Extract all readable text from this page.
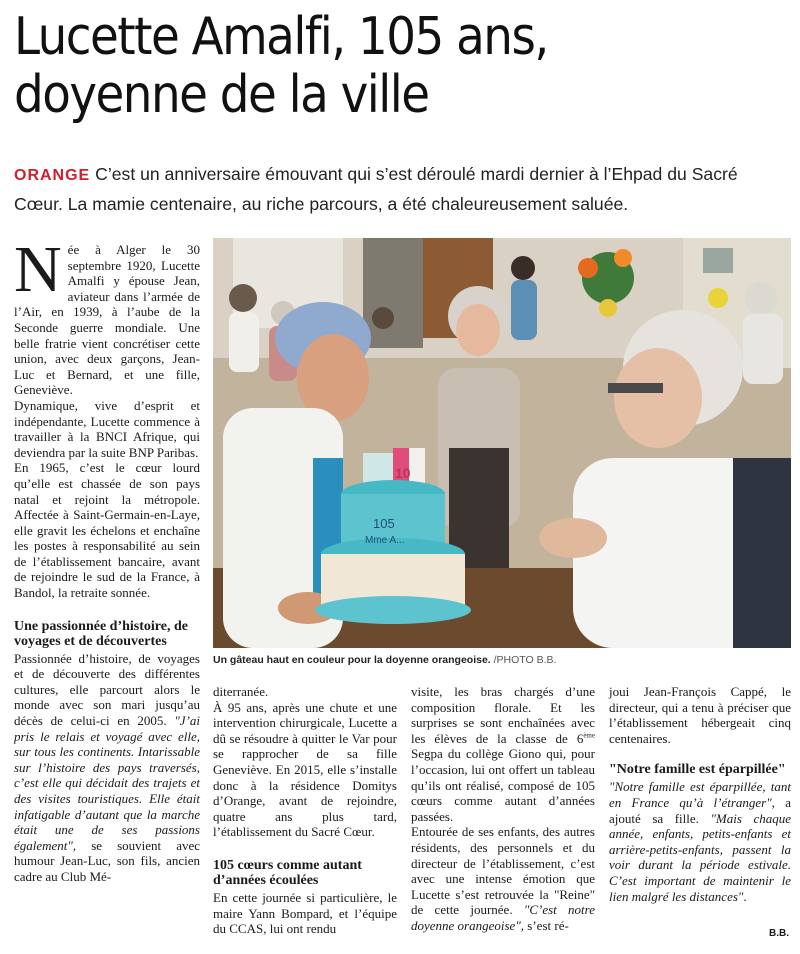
Lucette Amalfi, 105 ans,
doyenne de la ville
ORANGE C’est un anniversaire émouvant qui s’est déroulé mardi dernier à l’Ehpad du Sacré Cœur. La mamie centenaire, au riche parcours, a été chaleureusement saluée.

Née à Alger le 30 septembre 1920, Lucette Amalfi y épouse Jean, aviateur dans l’armée de l’Air, en 1939, à l’aube de la Seconde guerre mondiale. Une belle fratrie vient concrétiser cette union, avec deux garçons, Jean-Luc et Bernard, et une fille, Geneviève.

Dynamique, vive d’esprit et indépendante, Lucette commence à travailler à la BNCI Afrique, qui deviendra par la suite BNP Paribas.

En 1965, c’est le cœur lourd qu’elle est chassée de son pays natal et rejoint la métropole. Affectée à Saint-Germain-en-Laye, elle gravit les échelons et enchaîne les postes à responsabilité au sein de l’établissement bancaire, avant de rejoindre le sud de la France, à Bandol, la retraite sonnée.

Une passionnée d’histoire, de voyages et de découvertes

Passionnée d’histoire, de voyages et de découverte des différentes cultures, elle parcourt alors le monde avec son mari jusqu’au décès de celui-ci en 2005. "J’ai pris le relais et voyagé avec elle, sur tous les continents. Intarissable sur l’histoire des pays traversés, c’est elle qui décidait des trajets et des visites touristiques. Elle était infatigable d’autant que la marche était une de ses passions également", se souvient avec humour Jean-Luc, son fils, ancien cadre au Club Mé-

105
Mme A...
10
Un gâteau haut en couleur pour la doyenne orangeoise. /PHOTO B.B.

diterranée.

À 95 ans, après une chute et une intervention chirurgicale, Lucette a dû se résoudre à quitter le Var pour se rapprocher de sa fille Geneviève. En 2015, elle s’installe donc à la résidence Domitys d’Orange, avant de rejoindre, quatre ans plus tard, l’établissement du Sacré Cœur.

105 cœurs comme autant d’années écoulées

En cette journée si particulière, le maire Yann Bompard, et l’équipe du CCAS, lui ont rendu

visite, les bras chargés d’une composition florale. Et les surprises se sont enchaînées avec les élèves de la classe de 6ème Segpa du collège Giono qui, pour l’occasion, lui ont offert un tableau qu’ils ont réalisé, composé de 105 cœurs comme autant d’années passées.

Entourée de ses enfants, des autres résidents, des personnels et du directeur de l’établissement, c’est avec une intense émotion que Lucette s’est retrouvée la "Reine" de cette journée. "C’est notre doyenne orangeoise", s’est ré-

joui Jean-François Cappé, le directeur, qui a tenu à préciser que l’établissement hébergeait cinq centenaires.

"Notre famille est éparpillée"

"Notre famille est éparpillée, tant en France qu’à l’étranger", a ajouté sa fille. "Mais chaque année, enfants, petits-enfants et arrière-petits-enfants, passent la voir durant la période estivale. C’est important de maintenir le lien malgré les distances".

B.B.
